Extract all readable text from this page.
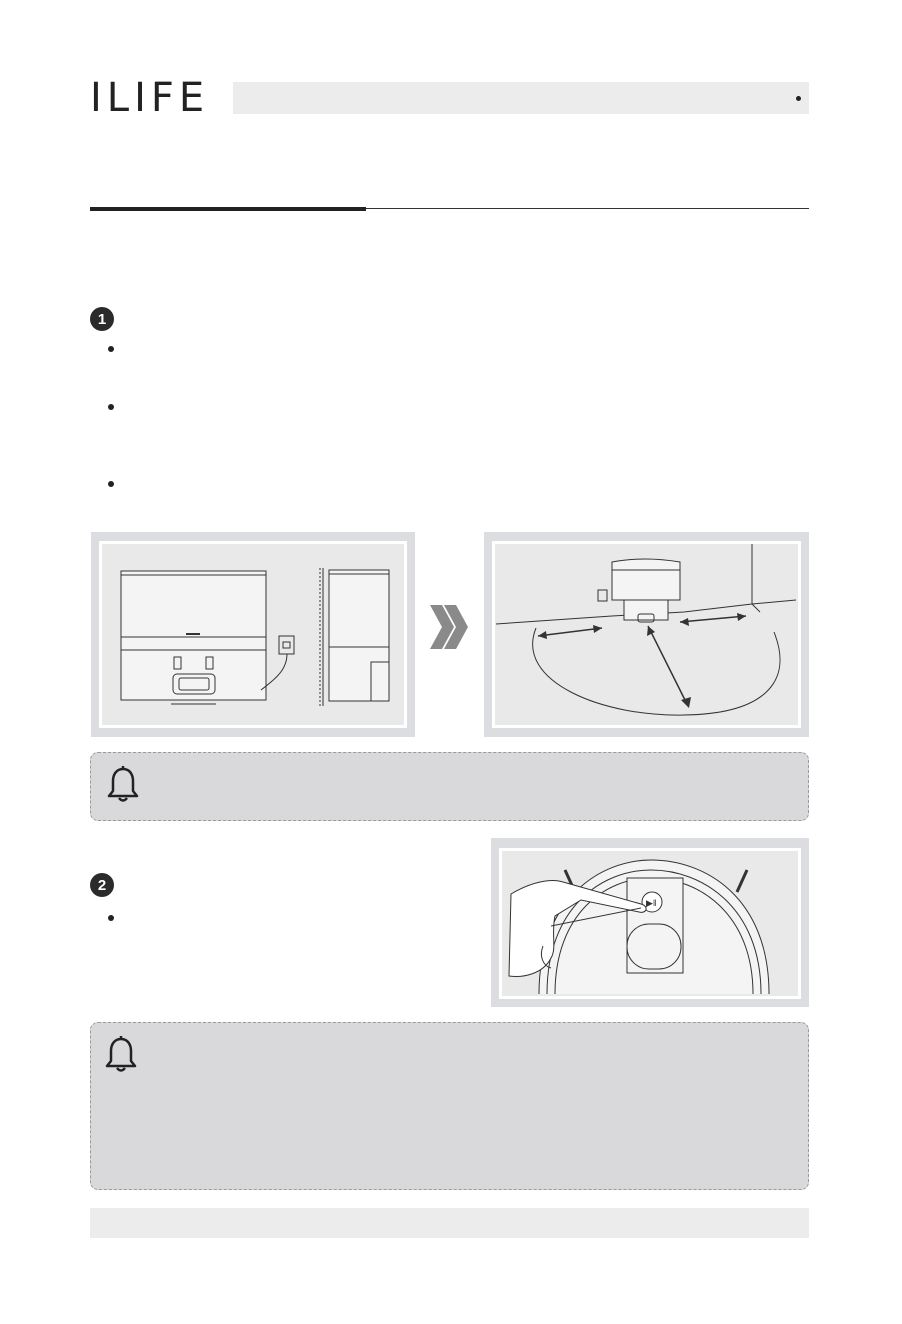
ILIFE
1
2
▶ǁ
